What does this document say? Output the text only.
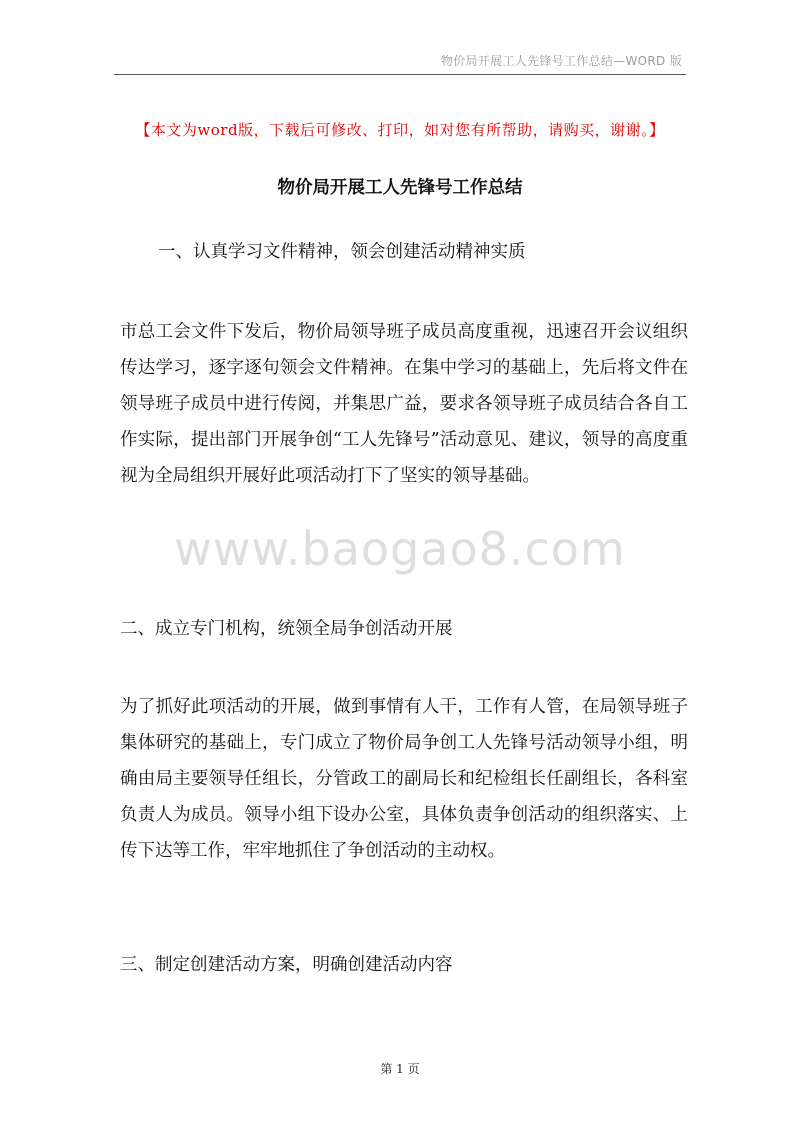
物价局开展工人先锋号工作总结—WORD 版
【本文为word版，下载后可修改、打印，如对您有所帮助，请购买，谢谢。】
物价局开展工人先锋号工作总结
一、认真学习文件精神，领会创建活动精神实质
市总工会文件下发后，物价局领导班子成员高度重视，迅速召开会议组织传达学习，逐字逐句领会文件精神。在集中学习的基础上，先后将文件在领导班子成员中进行传阅，并集思广益，要求各领导班子成员结合各自工作实际，提出部门开展争创“工人先锋号”活动意见、建议，领导的高度重视为全局组织开展好此项活动打下了坚实的领导基础。
二、成立专门机构，统领全局争创活动开展
为了抓好此项活动的开展，做到事情有人干，工作有人管，在局领导班子集体研究的基础上，专门成立了物价局争创工人先锋号活动领导小组，明确由局主要领导任组长，分管政工的副局长和纪检组长任副组长，各科室负责人为成员。领导小组下设办公室，具体负责争创活动的组织落实、上传下达等工作，牢牢地抓住了争创活动的主动权。
三、制定创建活动方案，明确创建活动内容
www.baogao8.com
第 1 页
